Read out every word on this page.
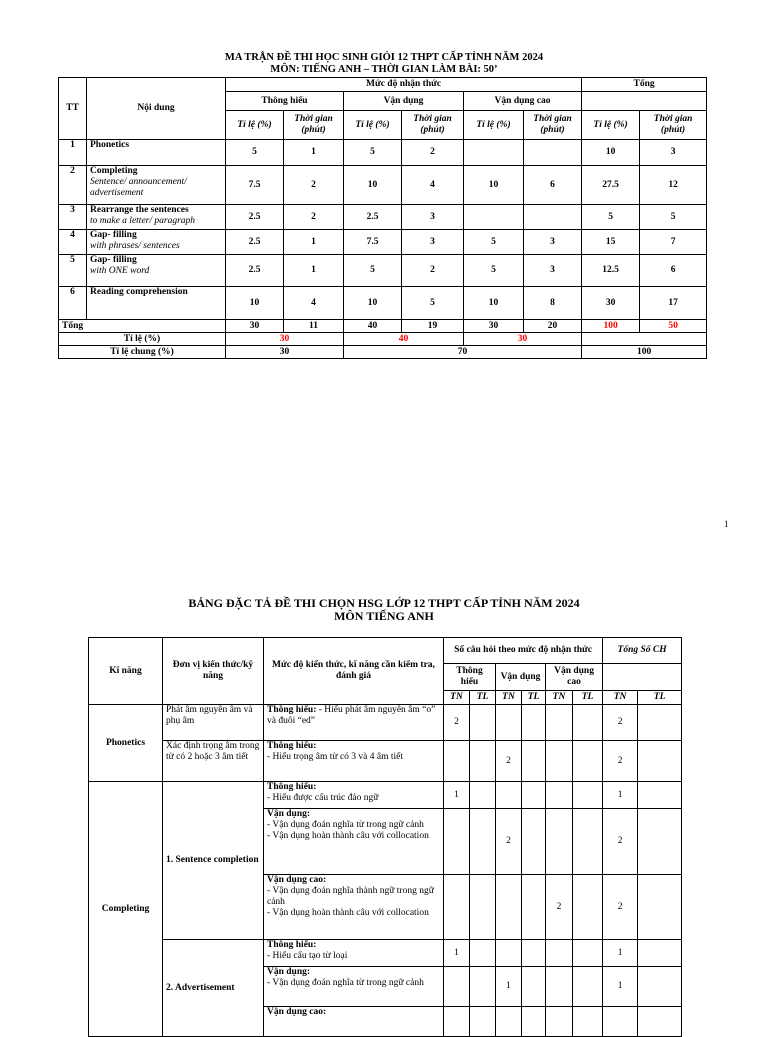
MA TRẬN ĐỀ THI HỌC SINH GIỎI 12 THPT CẤP TỈNH NĂM 2024
MÔN: TIẾNG ANH – THỜI GIAN LÀM BÀI: 50’
TT	Nội dung	Mức độ nhận thức						Tổng	
		Thông hiểu		Vận dụng		Vận dụng cao			
		Tỉ lệ (%)	Thời gian (phút)	Tỉ lệ (%)	Thời gian (phút)	Tỉ lệ (%)	Thời gian (phút)	Tỉ lệ (%)	Thời gian (phút)
1	Phonetics	5	1	5	2			10	3
2	Completing
Sentence/ announcement/ advertisement	7.5	2	10	4	10	6	27.5	12
3	Rearrange the sentences
to make a letter/ paragraph	2.5	2	2.5	3			5	5
4	Gap- filling
with phrases/ sentences	2.5	1	7.5	3	5	3	15	7
5	Gap- filling
with ONE word	2.5	1	5	2	5	3	12.5	6
6	Reading comprehension	10	4	10	5	10	8	30	17
Tổng		30	11	40	19	30	20	100	50
Tỉ lệ (%)		30		40		30			
Tỉ lệ chung (%)		30		70				100	
1
BẢNG ĐẶC TẢ ĐỀ THI CHỌN HSG LỚP 12 THPT CẤP TỈNH NĂM 2024
MÔN TIẾNG ANH
Kĩ năng	Đơn vị kiến thức/kỹ năng	Mức độ kiến thức, kĩ năng cần kiểm tra, đánh giá	Số câu hỏi theo mức độ nhận thức						Tổng Số CH	
			Thông hiểu		Vận dụng		Vận dụng cao			
			TN	TL	TN	TL	TN	TL	TN	TL
Phonetics	Phát âm nguyên âm và phụ âm	Thông hiểu: - Hiểu phát âm nguyên âm “o” và đuôi “ed”	2						2	
	Xác định trọng âm trong từ có 2 hoặc 3 âm tiết	Thông hiểu:
- Hiểu trọng âm từ có 3 và 4 âm tiết			2				2	
Completing	1. Sentence completion	Thông hiểu:
- Hiểu được cấu trúc đảo ngữ	1						1	

		Vận dụng:
- Vận dụng đoán nghĩa từ trong ngữ cảnh
- Vận dụng hoàn thành câu với collocation			2				2	

		Vận dụng cao:
- Vận dụng đoán nghĩa thành ngữ trong ngữ cảnh
- Vận dụng hoàn thành câu với collocation					2		2	
	2. Advertisement	Thông hiểu:
- Hiểu cấu tạo từ loại	1						1	

		Vận dụng:
- Vận dụng đoán nghĩa từ trong ngữ cảnh			1				1	

		Vận dụng cao:								
